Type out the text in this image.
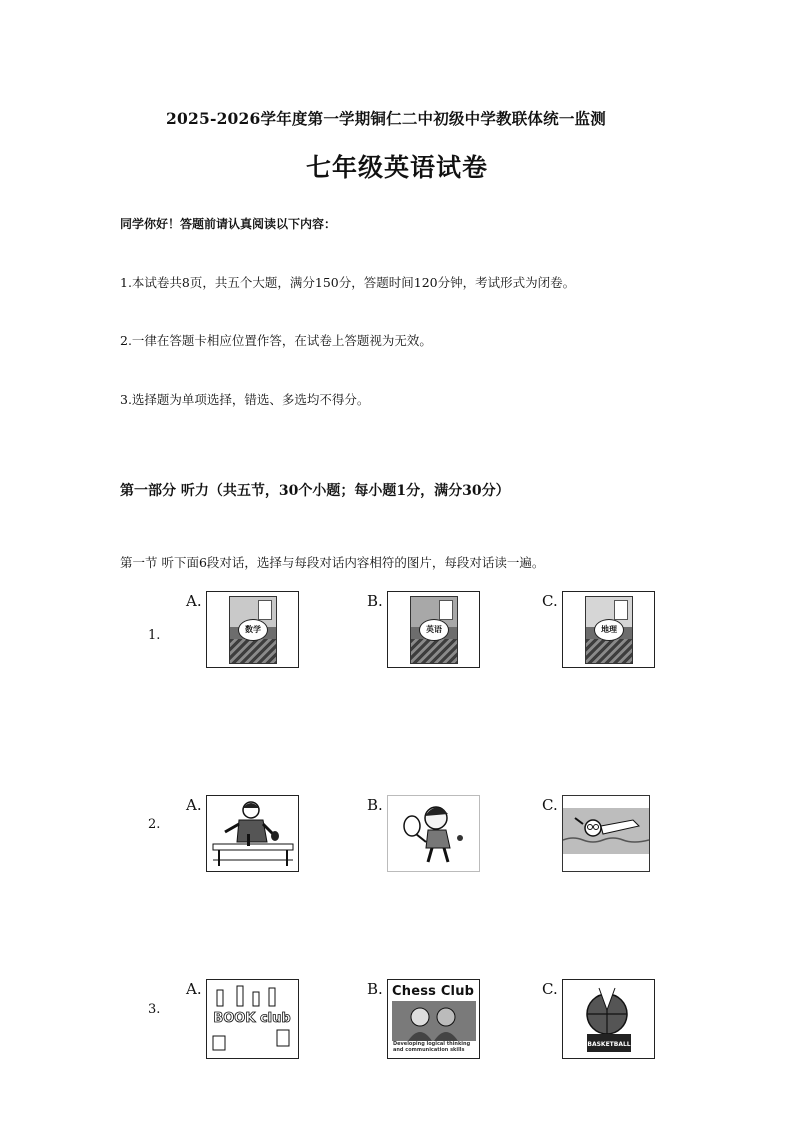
2025-2026学年度第一学期铜仁二中初级中学教联体统一监测
七年级英语试卷
同学你好！答题前请认真阅读以下内容：
1.本试卷共8页，共五个大题，满分150分，答题时间120分钟，考试形式为闭卷。
2.一律在答题卡相应位置作答，在试卷上答题视为无效。
3.选择题为单项选择，错选、多选均不得分。
第一部分 听力（共五节，30个小题；每小题1分，满分30分）
第一节 听下面6段对话，选择与每段对话内容相符的图片，每段对话读一遍。
1.
A.
数学
B.
英语
C.
地理
2.
A.	B.	C.
3.
A.
BOOK club
B. Chess Club
Developing logical thinking and communication skills
C.
BASKETBALL
